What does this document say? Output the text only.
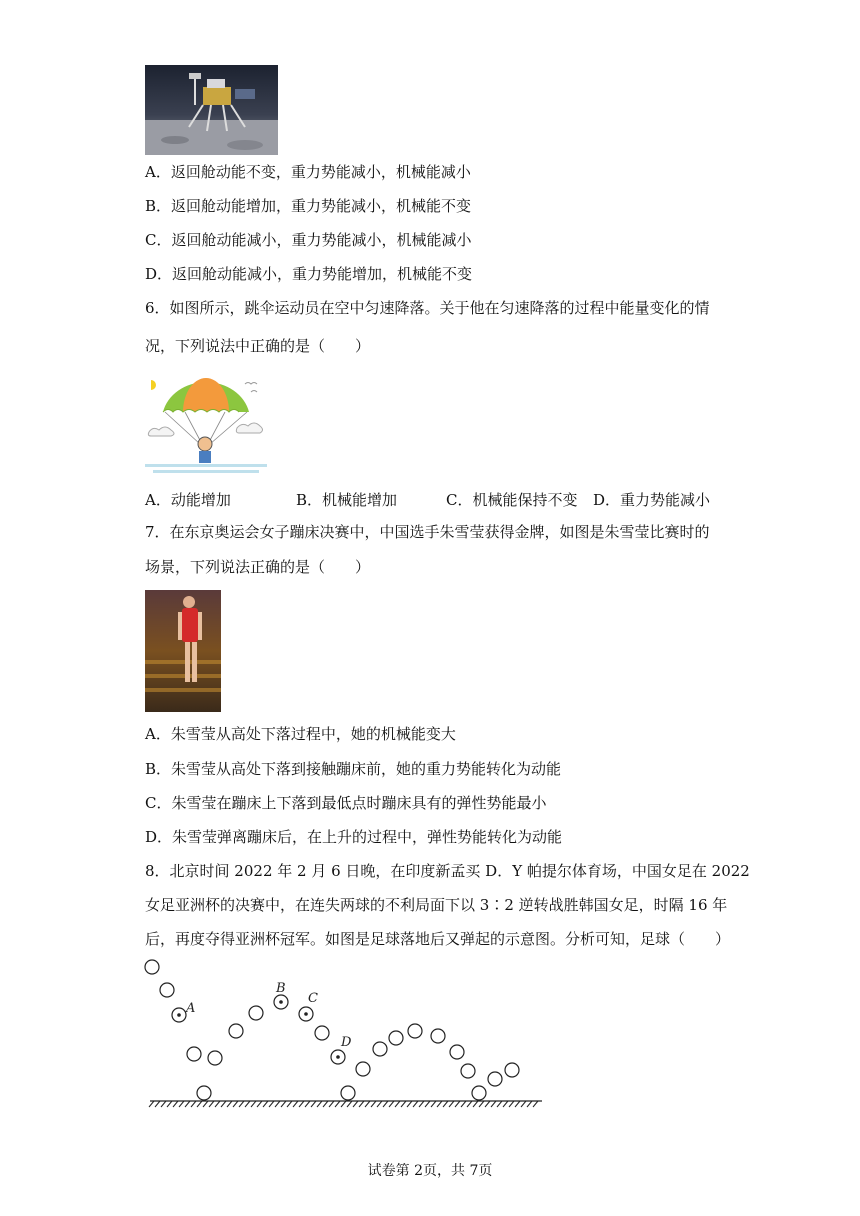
A．返回舱动能不变，重力势能减小，机械能减小
B．返回舱动能增加，重力势能减小，机械能不变
C．返回舱动能减小，重力势能减小，机械能减小
D．返回舱动能减小，重力势能增加，机械能不变
6．如图所示，跳伞运动员在空中匀速降落。关于他在匀速降落的过程中能量变化的情
况，下列说法中正确的是（　　）
A．动能增加	B．机械能增加	C．机械能保持不变 D．重力势能减小
7．在东京奥运会女子蹦床决赛中，中国选手朱雪莹获得金牌，如图是朱雪莹比赛时的
场景，下列说法正确的是（　　）
A．朱雪莹从高处下落过程中，她的机械能变大
B．朱雪莹从高处下落到接触蹦床前，她的重力势能转化为动能
C．朱雪莹在蹦床上下落到最低点时蹦床具有的弹性势能最小
D．朱雪莹弹离蹦床后，在上升的过程中，弹性势能转化为动能
8．北京时间 2022 年 2 月 6 日晚，在印度新孟买 D．Y 帕提尔体育场，中国女足在 2022
女足亚洲杯的决赛中，在连失两球的不利局面下以 3∶2 逆转战胜韩国女足，时隔 16 年
后，再度夺得亚洲杯冠军。如图是足球落地后又弹起的示意图。分析可知，足球（　　）
A
B
C
D
试卷第 2页，共 7页
